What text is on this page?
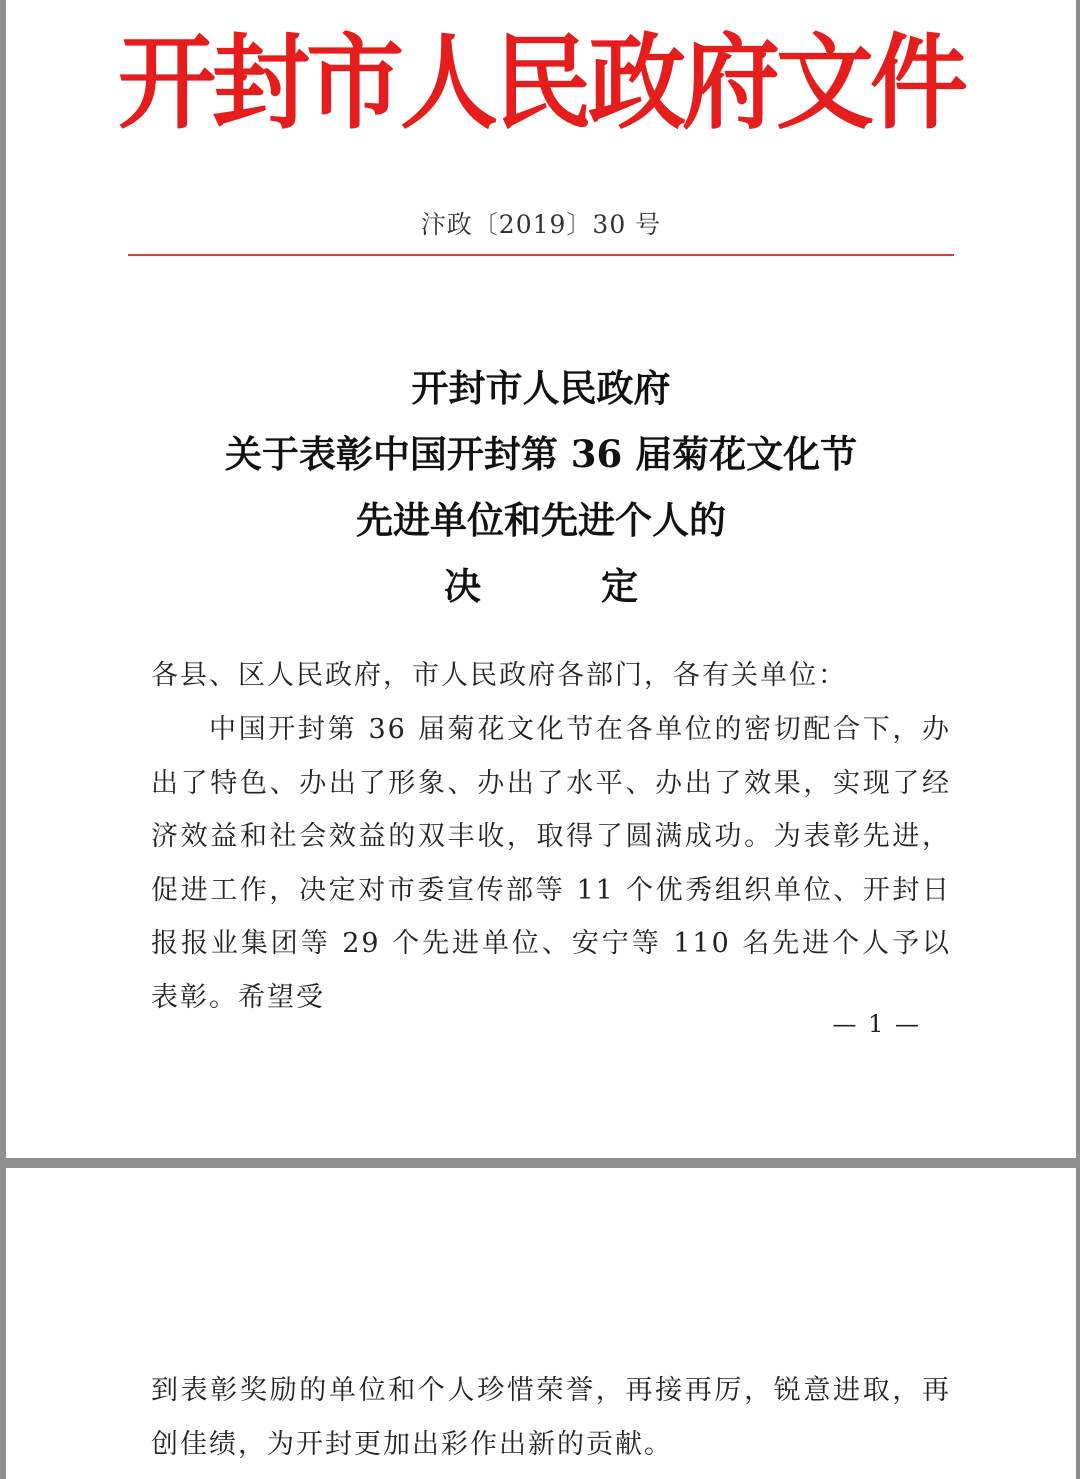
开封市人民政府文件
汴政〔2019〕30 号
开封市人民政府
关于表彰中国开封第 36 届菊花文化节
先进单位和先进个人的
决	定
各县、区人民政府，市人民政府各部门，各有关单位：
中国开封第 36 届菊花文化节在各单位的密切配合下，办出了特色、办出了形象、办出了水平、办出了效果，实现了经济效益和社会效益的双丰收，取得了圆满成功。为表彰先进，促进工作，决定对市委宣传部等 11 个优秀组织单位、开封日报报业集团等 29 个先进单位、安宁等 110 名先进个人予以表彰。希望受
— 1 —
到表彰奖励的单位和个人珍惜荣誉，再接再厉，锐意进取，再创佳绩，为开封更加出彩作出新的贡献。
